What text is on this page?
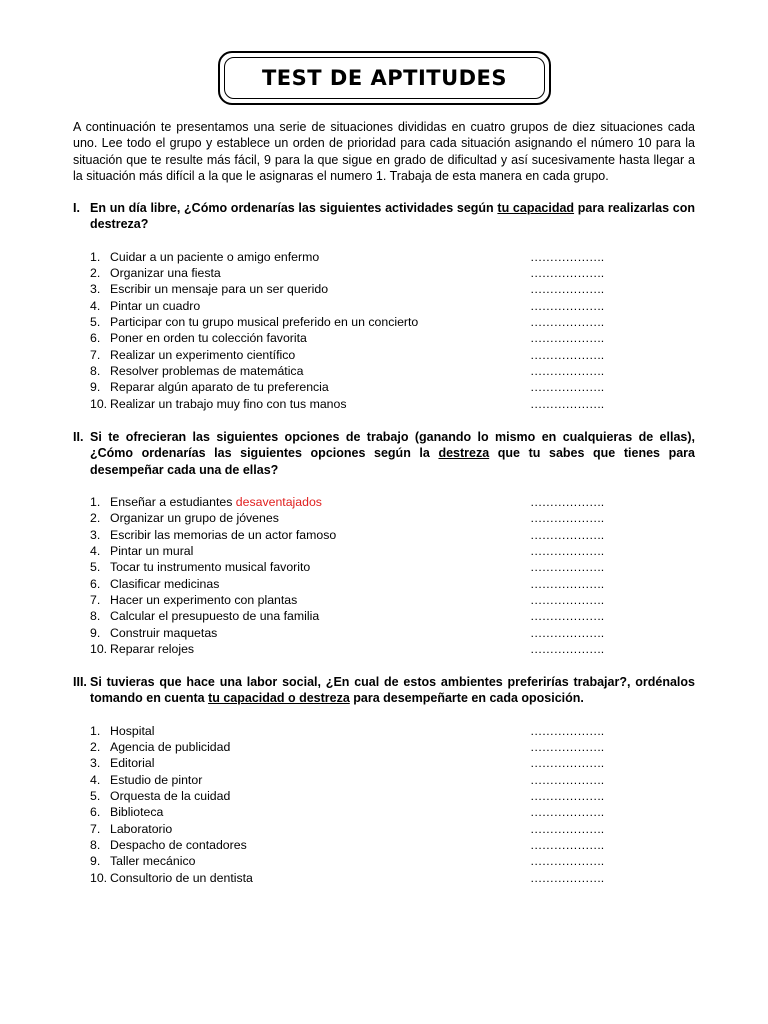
TEST DE APTITUDES
A continuación te presentamos una serie de situaciones divididas en cuatro grupos de diez situaciones cada uno. Lee todo el grupo y establece un orden de prioridad para cada situación asignando el número 10 para la situación que te resulte más fácil, 9 para la que sigue en grado de dificultad y así sucesivamente hasta llegar a la situación más difícil a la que le asignaras el numero 1. Trabaja de esta manera en cada grupo.
I. En un día libre, ¿Cómo ordenarías las siguientes actividades según tu capacidad para realizarlas con destreza?
1. Cuidar a un paciente o amigo enfermo	……………….
2. Organizar una fiesta	……………….
3. Escribir un mensaje para un ser querido	……………….
4. Pintar un cuadro	……………….
5. Participar con tu grupo musical preferido en un concierto	……………….
6. Poner en orden tu colección favorita	……………….
7. Realizar un experimento científico	……………….
8. Resolver problemas de matemática	……………….
9. Reparar algún aparato de tu preferencia	……………….
10. Realizar un trabajo muy fino con tus manos	……………….
II. Si te ofrecieran las siguientes opciones de trabajo (ganando lo mismo en cualquieras de ellas), ¿Cómo ordenarías las siguientes opciones según la destreza que tu sabes que tienes para desempeñar cada una de ellas?
1. Enseñar a estudiantes desaventajados	……………….
2. Organizar un grupo de jóvenes	……………….
3. Escribir las memorias de un actor famoso	……………….
4. Pintar un mural	……………….
5. Tocar tu instrumento musical favorito	……………….
6. Clasificar medicinas	……………….
7. Hacer un experimento con plantas	……………….
8. Calcular el presupuesto de una familia	……………….
9. Construir maquetas	……………….
10. Reparar relojes	……………….
III. Si tuvieras que hace una labor social, ¿En cual de estos ambientes preferirías trabajar?, ordénalos tomando en cuenta tu capacidad o destreza para desempeñarte en cada oposición.
1. Hospital	……………….
2. Agencia de publicidad	……………….
3. Editorial	……………….
4. Estudio de pintor	……………….
5. Orquesta de la cuidad	……………….
6. Biblioteca	……………….
7. Laboratorio	……………….
8. Despacho de contadores	……………….
9. Taller mecánico	……………….
10. Consultorio de un dentista	……………….
